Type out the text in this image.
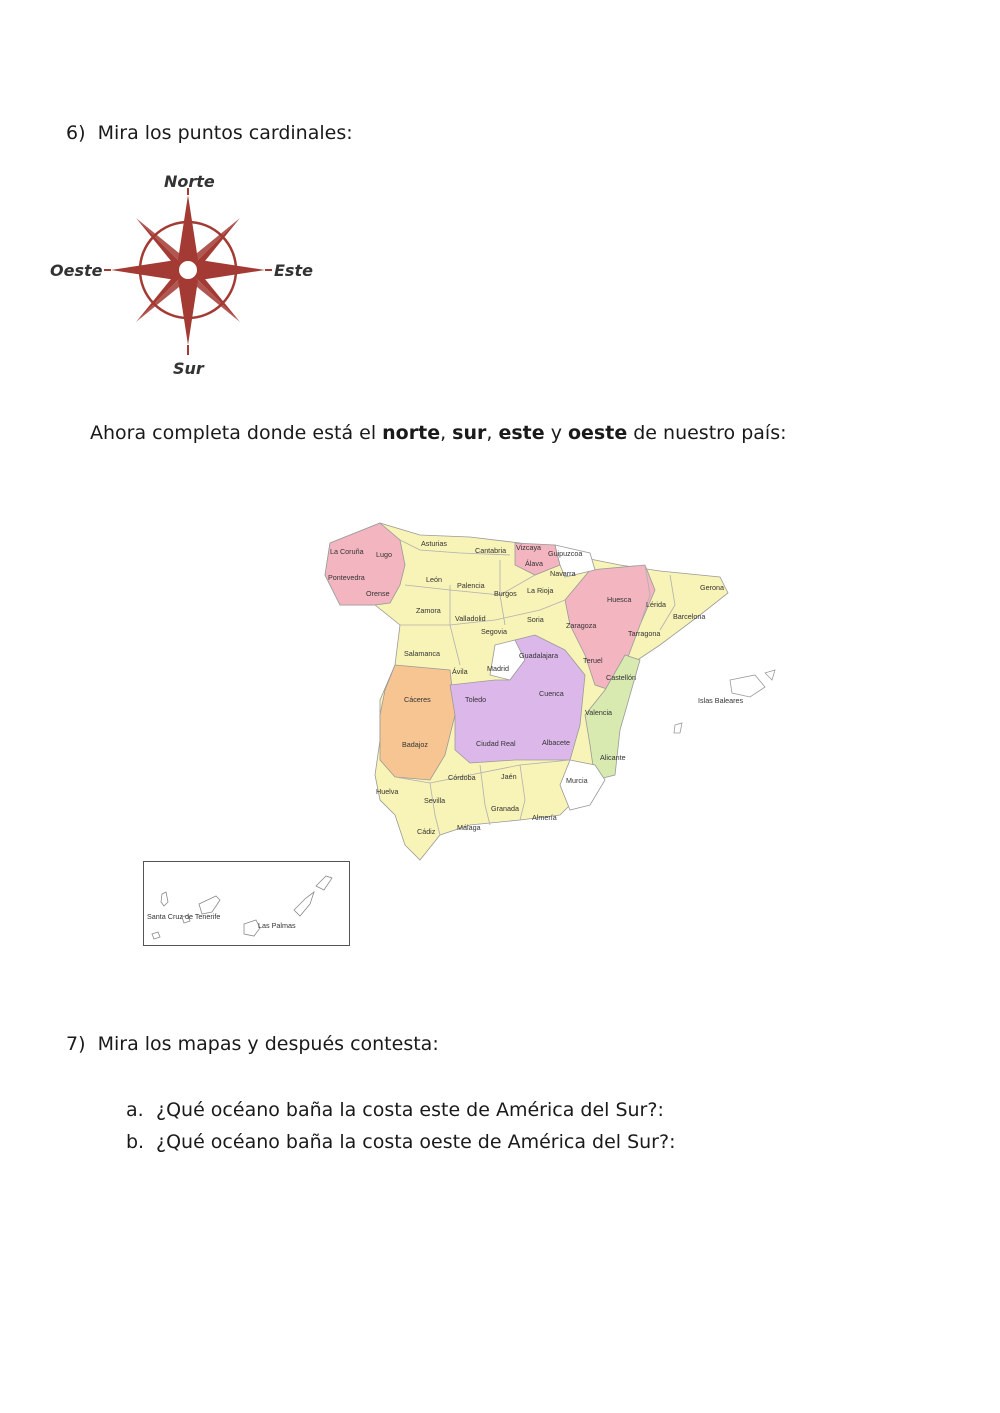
6) Mira los puntos cardinales:
Norte
Sur
Este
Oeste
Ahora completa donde está el norte, sur, este y oeste de nuestro país:
La Coruña Lugo
Asturias
Cantabria Vizcaya
Guipuzcoa
Álava
Pontevedra
Orense
León
Palencia
Burgos La Rioja
Navarra
Huesca
Gerona
Lérida
Barcelona
Zamora
Valladolid	Soria
Zaragoza
Tarragona
Segovia
Salamanca	Guadalajara
Teruel
Ávila	Madrid
Castellón
Cáceres	Toledo
Cuenca
Islas Baleares
Valencia
Badajoz	Ciudad Real	Albacete
Alicante
Córdoba	Jaén	Murcia
Huelva
Sevilla
Granada
Almería
Cádiz	Málaga
Santa Cruz de Tenerife
Las Palmas
7) Mira los mapas y después contesta:
a. ¿Qué océano baña la costa este de América del Sur?:
b. ¿Qué océano baña la costa oeste de América del Sur?:
